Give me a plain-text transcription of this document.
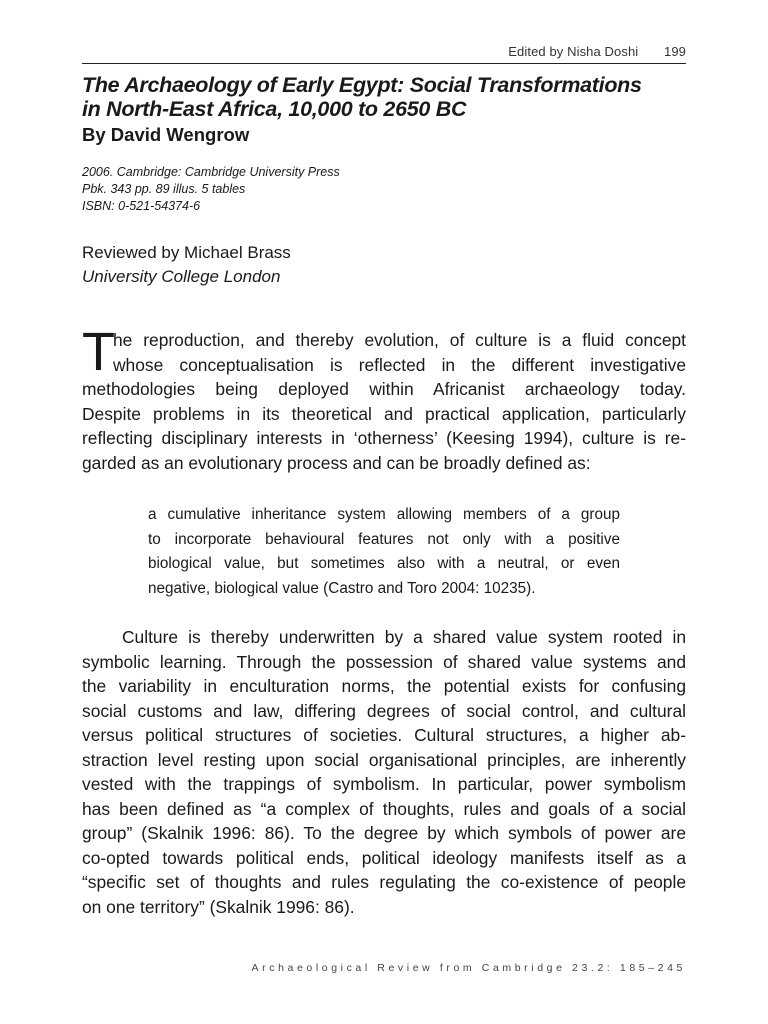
Edited by Nisha Doshi 199
The Archaeology of Early Egypt: Social Transformations
in North-East Africa, 10,000 to 2650 BC
By David Wengrow
2006. Cambridge: Cambridge University Press
Pbk. 343 pp. 89 illus. 5 tables
ISBN: 0-521-54374-6
Reviewed by Michael Brass
University College London
T
he reproduction, and thereby evolution, of culture is a fluid concept
whose conceptualisation is reflected in the different investigative
methodologies being deployed within Africanist archaeology today.
Despite problems in its theoretical and practical application, particularly
reflecting disciplinary interests in ‘otherness’ (Keesing 1994), culture is re-
garded as an evolutionary process and can be broadly defined as:
a cumulative inheritance system allowing members of a group
to incorporate behavioural features not only with a positive
biological value, but sometimes also with a neutral, or even
negative, biological value (Castro and Toro 2004: 10235).
Culture is thereby underwritten by a shared value system rooted in
symbolic learning. Through the possession of shared value systems and
the variability in enculturation norms, the potential exists for confusing
social customs and law, differing degrees of social control, and cultural
versus political structures of societies. Cultural structures, a higher ab-
straction level resting upon social organisational principles, are inherently
vested with the trappings of symbolism. In particular, power symbolism
has been defined as “a complex of thoughts, rules and goals of a social
group” (Skalnik 1996: 86). To the degree by which symbols of power are
co-opted towards political ends, political ideology manifests itself as a
“specific set of thoughts and rules regulating the co-existence of people
on one territory” (Skalnik 1996: 86).
Archaeological Review from Cambridge 23.2: 185–245
